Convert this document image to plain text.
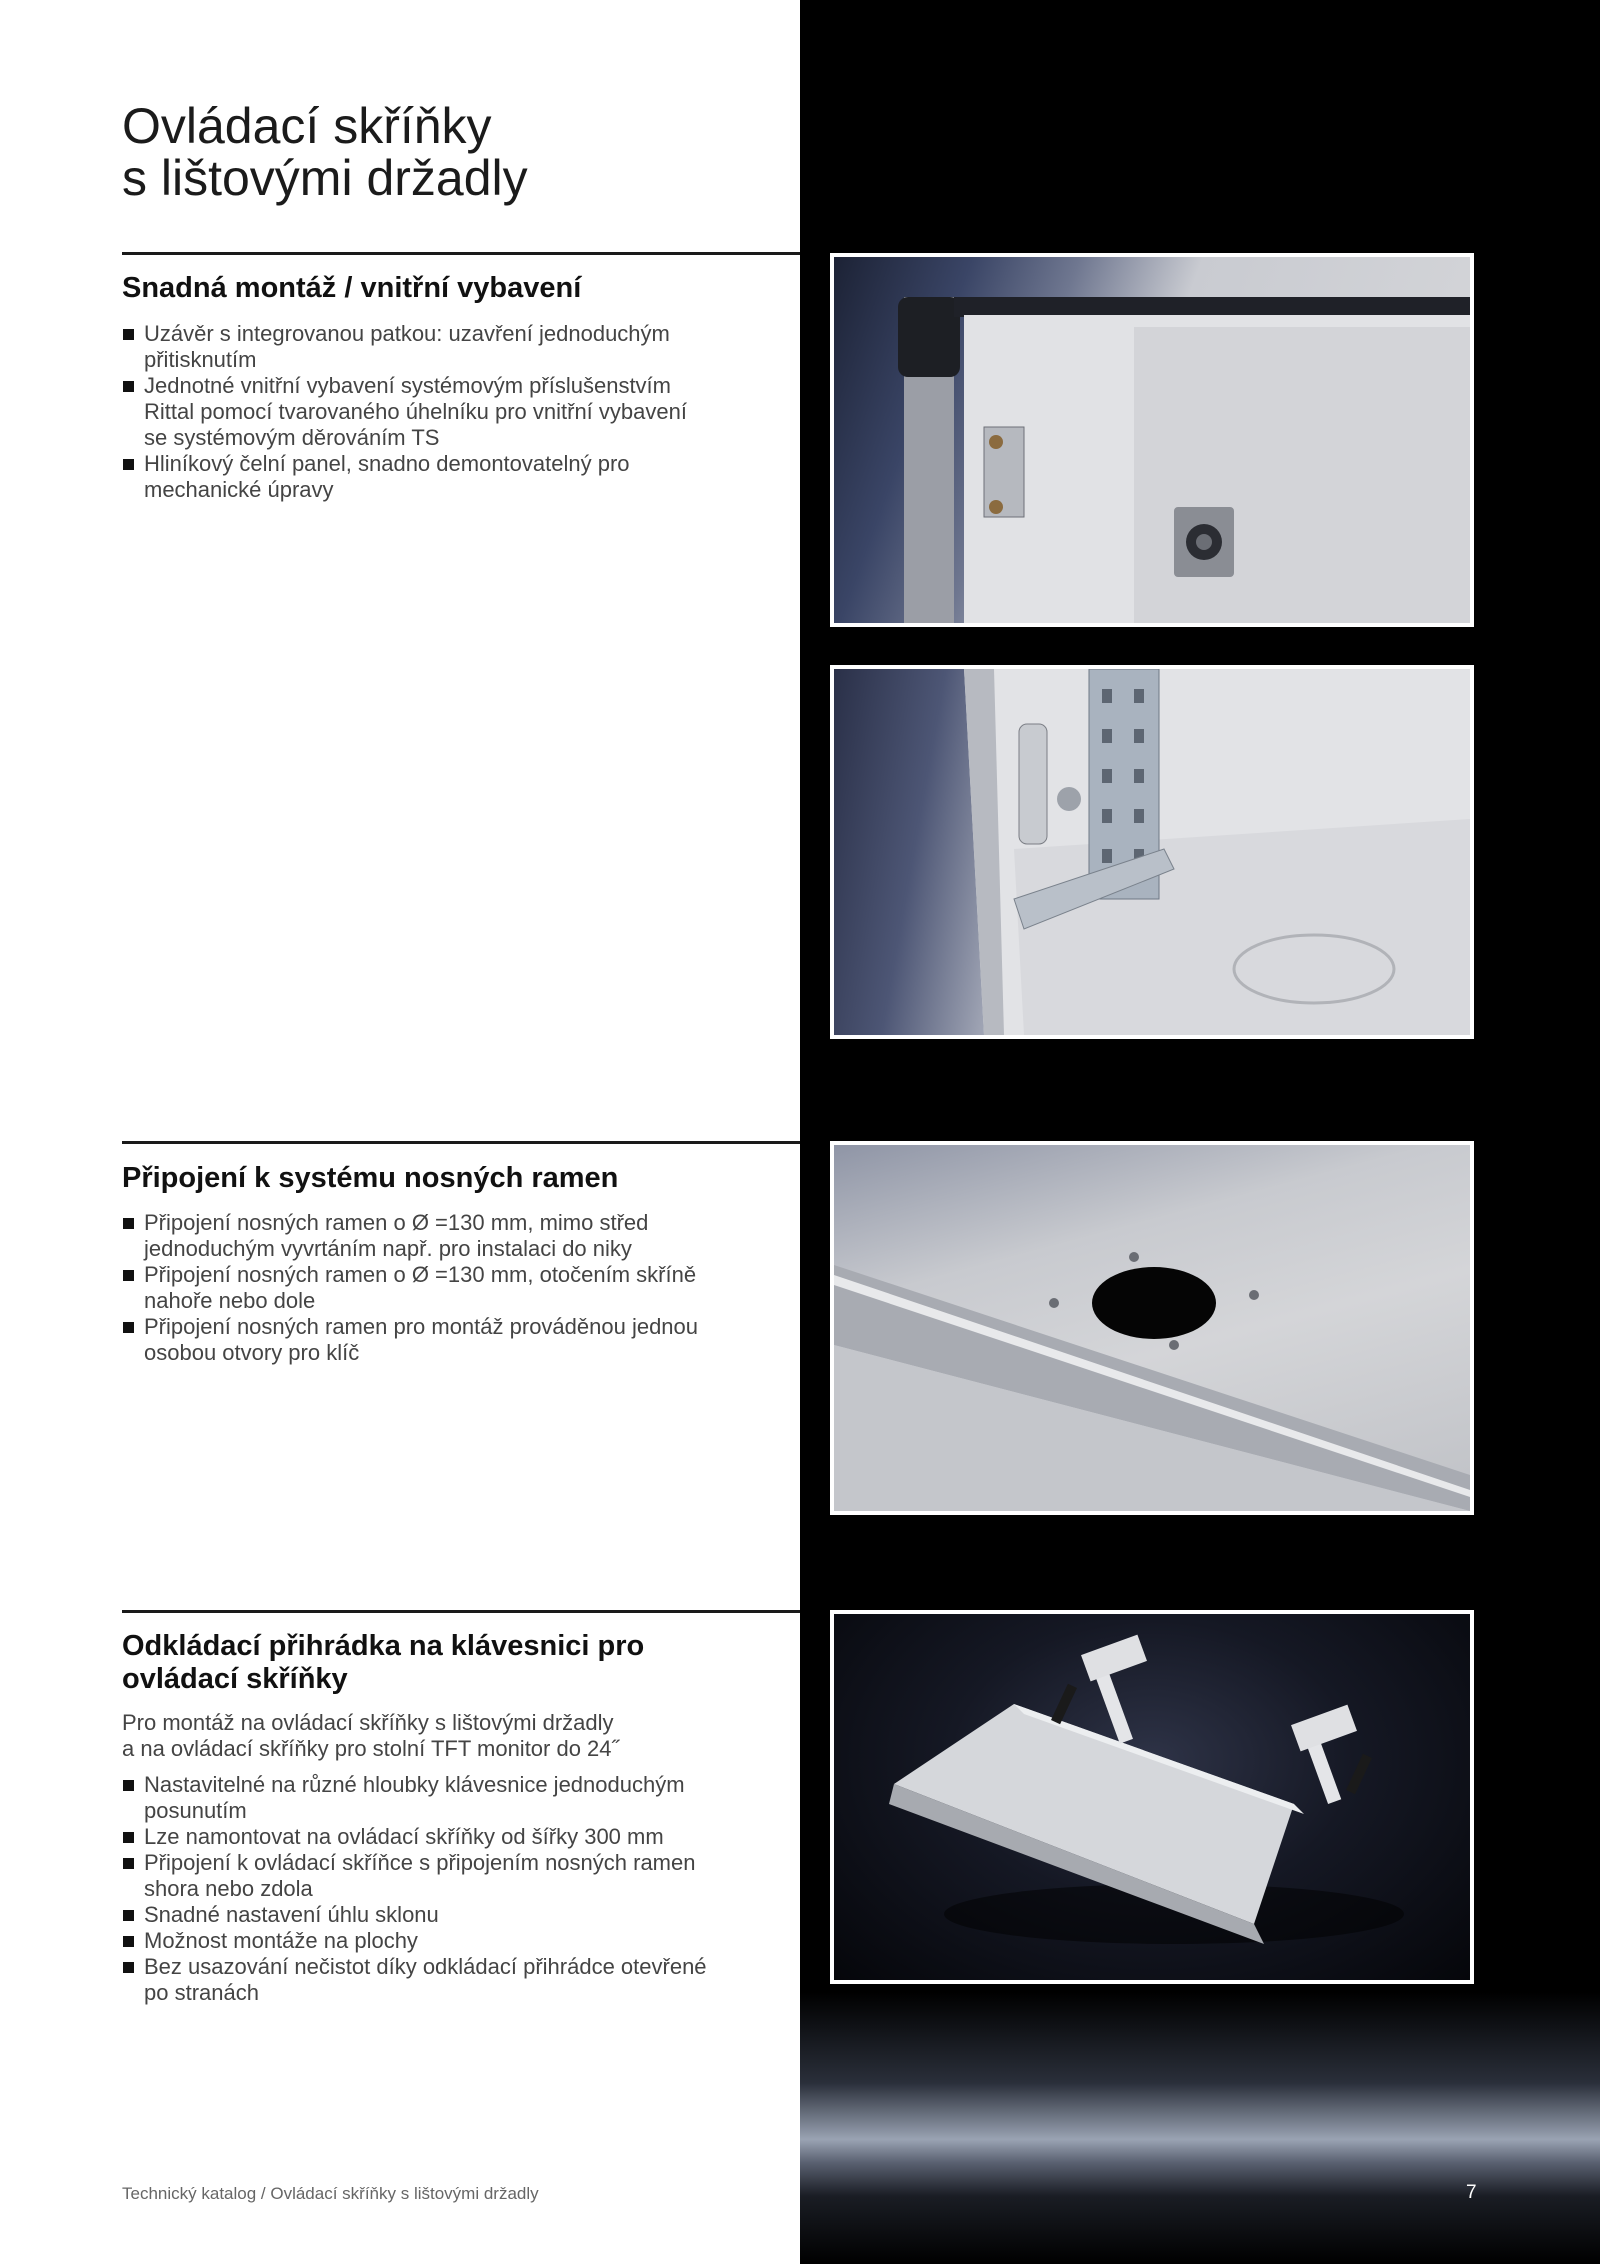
Ovládací skříňky
s lištovými držadly
Snadná montáž / vnitřní vybavení
Uzávěr s integrovanou patkou: uzavření jednoduchým
přitisknutím
Jednotné vnitřní vybavení systémovým příslušenstvím
Rittal pomocí tvarovaného úhelníku pro vnitřní vybavení
se systémovým děrováním TS
Hliníkový čelní panel, snadno demontovatelný pro
mechanické úpravy
Připojení k systému nosných ramen
Připojení nosných ramen o Ø =130 mm, mimo střed
jednoduchým vyvrtáním např. pro instalaci do niky
Připojení nosných ramen o Ø =130 mm, otočením skříně
nahoře nebo dole
Připojení nosných ramen pro montáž prováděnou jednou
osobou otvory pro klíč
Odkládací přihrádka na klávesnici pro
ovládací skříňky

Pro montáž na ovládací skříňky s lištovými držadly
a na ovládací skříňky pro stolní TFT monitor do 24˝

Nastavitelné na různé hloubky klávesnice jednoduchým
posunutím
Lze namontovat na ovládací skříňky od šířky 300 mm
Připojení k ovládací skříňce s připojením nosných ramen
shora nebo zdola
Snadné nastavení úhlu sklonu
Možnost montáže na plochy
Bez usazování nečistot díky odkládací přihrádce otevřené
po stranách
Technický katalog / Ovládací skříňky s lištovými držadly	7
